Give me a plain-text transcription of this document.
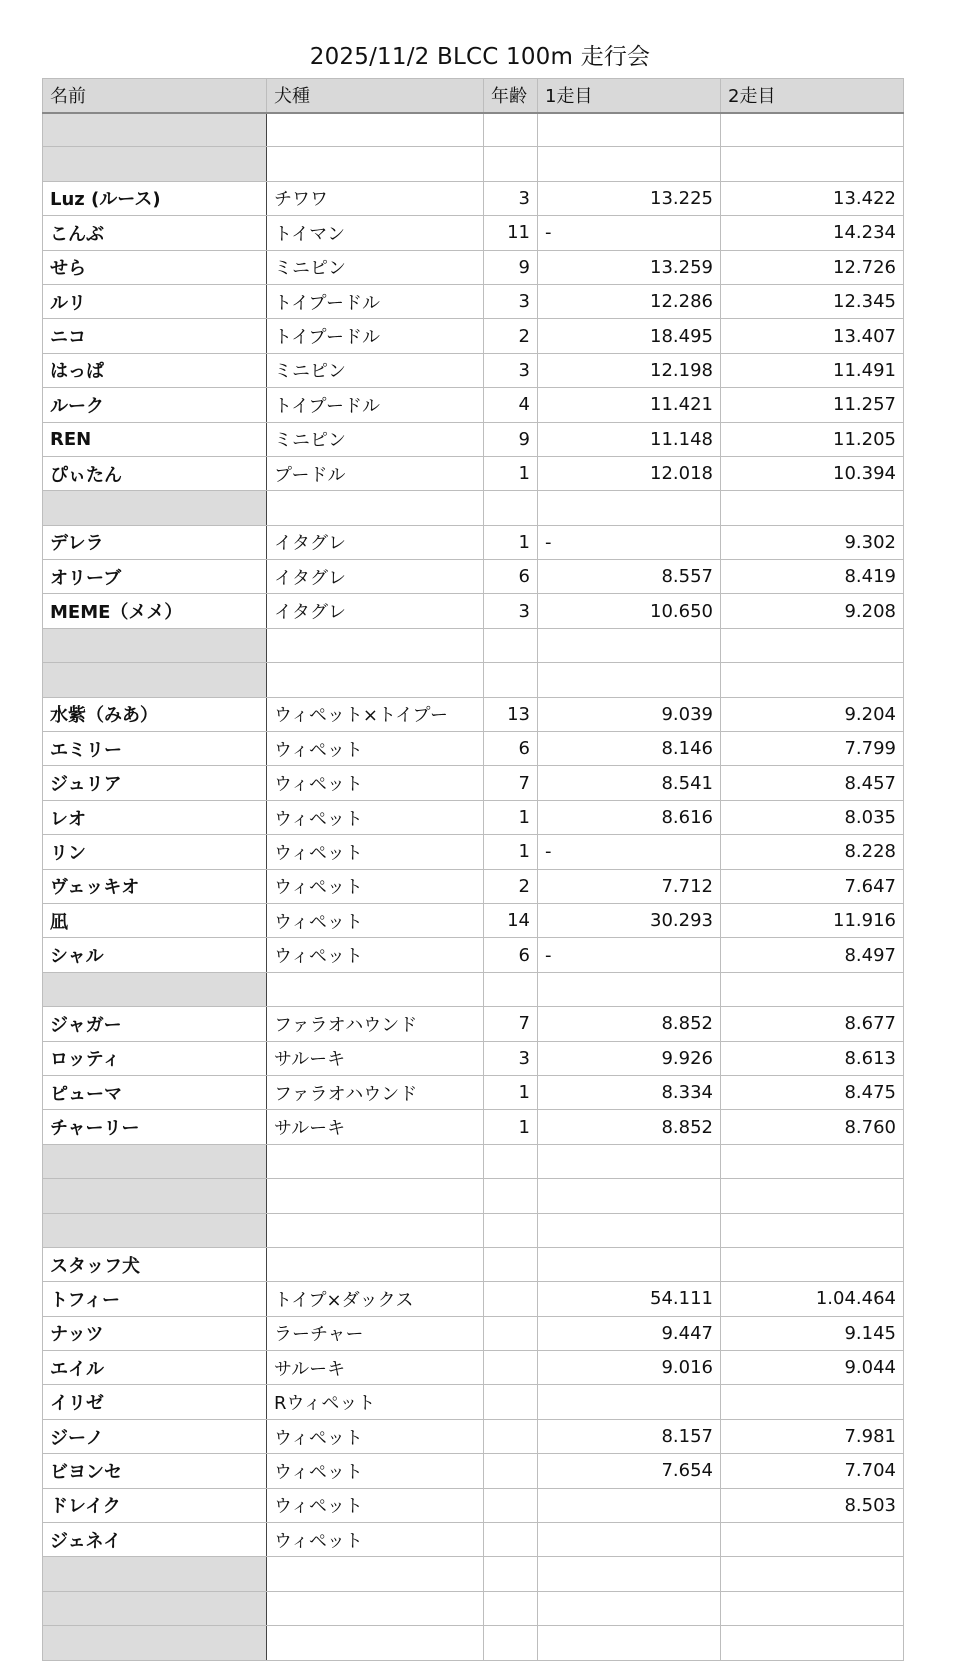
2025/11/2 BLCC 100m 走行会
名前	犬種	年齢	1走目	2走目

Luz (ルース)	チワワ	3	13.225	13.422
こんぶ	トイマン	11	-	14.234
せら	ミニピン	9	13.259	12.726
ルリ	トイプードル	3	12.286	12.345
ニコ	トイプードル	2	18.495	13.407
はっぱ	ミニピン	3	12.198	11.491
ルーク	トイプードル	4	11.421	11.257
REN	ミニピン	9	11.148	11.205
ぴぃたん	プードル	1	12.018	10.394

デレラ	イタグレ	1	-	9.302
オリーブ	イタグレ	6	8.557	8.419
MEME（メメ）	イタグレ	3	10.650	9.208

水紫（みあ）	ウィペット×トイプー	13	9.039	9.204
エミリー	ウィペット	6	8.146	7.799
ジュリア	ウィペット	7	8.541	8.457
レオ	ウィペット	1	8.616	8.035
リン	ウィペット	1	-	8.228
ヴェッキオ	ウィペット	2	7.712	7.647
凪	ウィペット	14	30.293	11.916
シャル	ウィペット	6	-	8.497

ジャガー	ファラオハウンド	7	8.852	8.677
ロッティ	サルーキ	3	9.926	8.613
ピューマ	ファラオハウンド	1	8.334	8.475
チャーリー	サルーキ	1	8.852	8.760

スタッフ犬				
トフィー	トイプ×ダックス		54.111	1.04.464
ナッツ	ラーチャー		9.447	9.145
エイル	サルーキ		9.016	9.044
イリゼ	Rウィペット			
ジーノ	ウィペット		8.157	7.981
ビヨンセ	ウィペット		7.654	7.704
ドレイク	ウィペット			8.503
ジェネイ	ウィペット			
